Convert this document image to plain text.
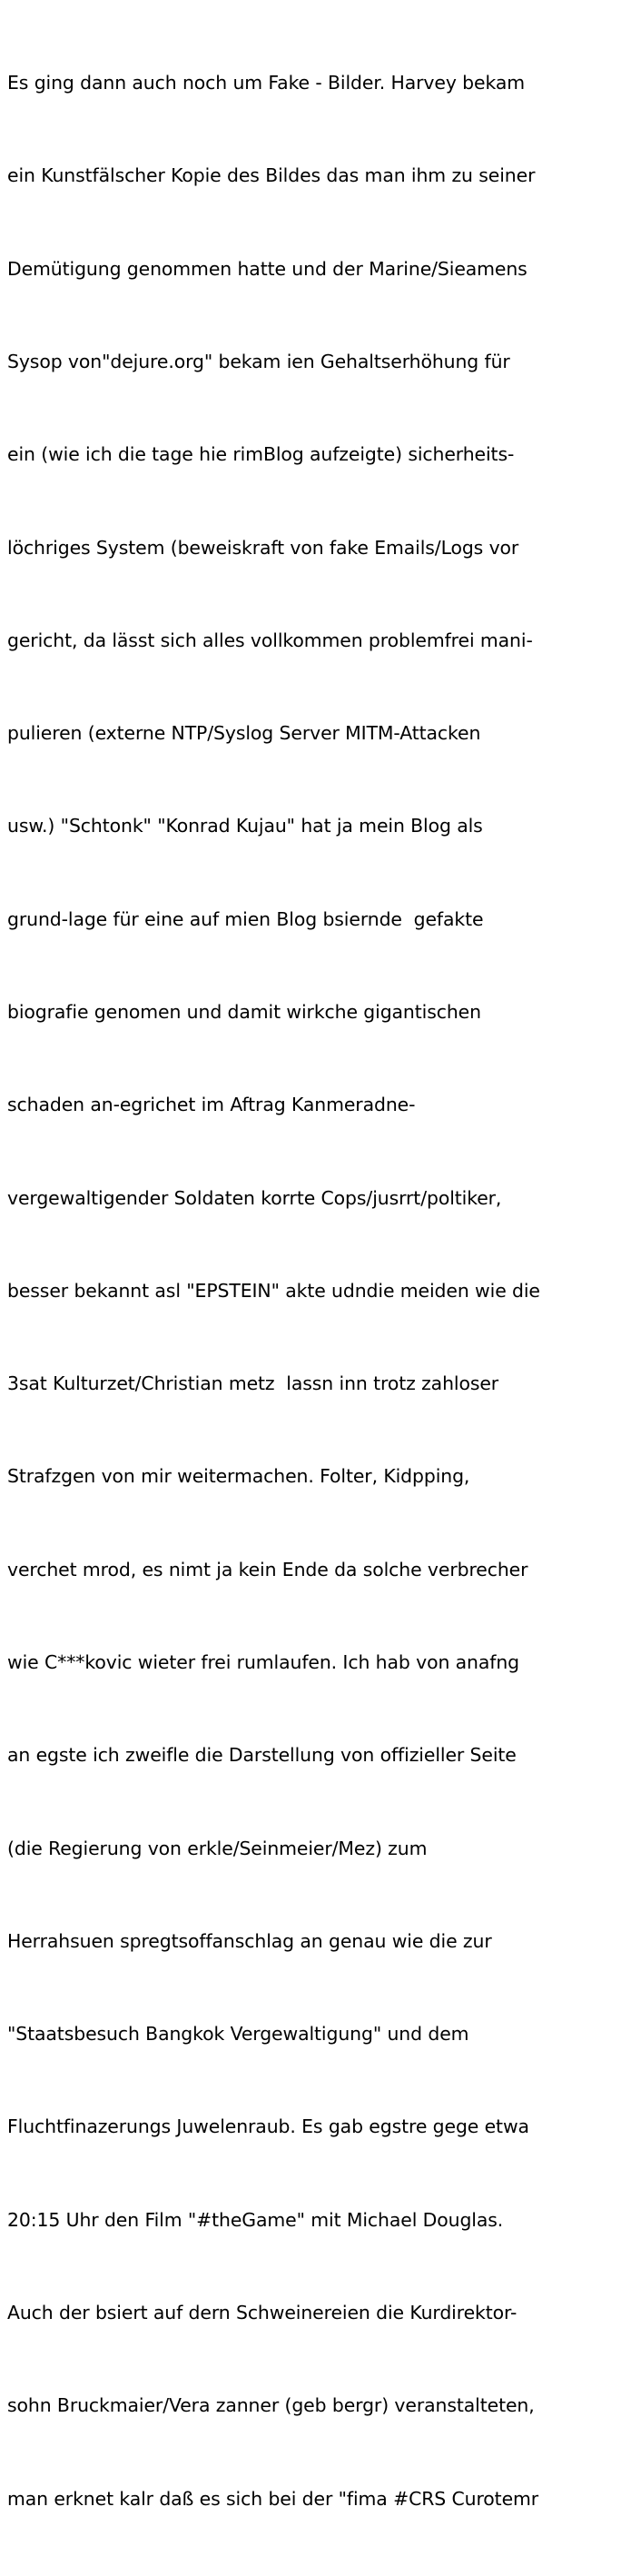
Es ging dann auch noch um Fake - Bilder. Harvey bekam

ein Kunstfälscher Kopie des Bildes das man ihm zu seiner

Demütigung genommen hatte und der Marine/Sieamens

Sysop von"dejure.org" bekam ien Gehaltserhöhung für

ein (wie ich die tage hie rimBlog aufzeigte) sicherheits-

löchriges System (beweiskraft von fake Emails/Logs vor

gericht, da lässt sich alles vollkommen problemfrei mani-

pulieren (externe NTP/Syslog Server MITM-Attacken

usw.) "Schtonk" "Konrad Kujau" hat ja mein Blog als

grund-lage für eine auf mien Blog bsiernde  gefakte

biografie genomen und damit wirkche gigantischen

schaden an-egrichet im Aftrag Kanmeradne-

vergewaltigender Soldaten korrte Cops/jusrrt/poltiker,

besser bekannt asl "EPSTEIN" akte udndie meiden wie die

3sat Kulturzet/Christian metz  lassn inn trotz zahloser

Strafzgen von mir weitermachen. Folter, Kidpping,

verchet mrod, es nimt ja kein Ende da solche verbrecher

wie C***kovic wieter frei rumlaufen. Ich hab von anafng

an egste ich zweifle die Darstellung von offizieller Seite

(die Regierung von erkle/Seinmeier/Mez) zum

Herrahsuen spregtsoffanschlag an genau wie die zur

"Staatsbesuch Bangkok Vergewaltigung" und dem

Fluchtfinazerungs Juwelenraub. Es gab egstre gege etwa

20:15 Uhr den Film "#theGame" mit Michael Douglas.

Auch der bsiert auf dern Schweinereien die Kurdirektor-

sohn Bruckmaier/Vera zanner (geb bergr) veranstalteten,

man erknet kalr daß es sich bei der "fima #CRS Curotemr
